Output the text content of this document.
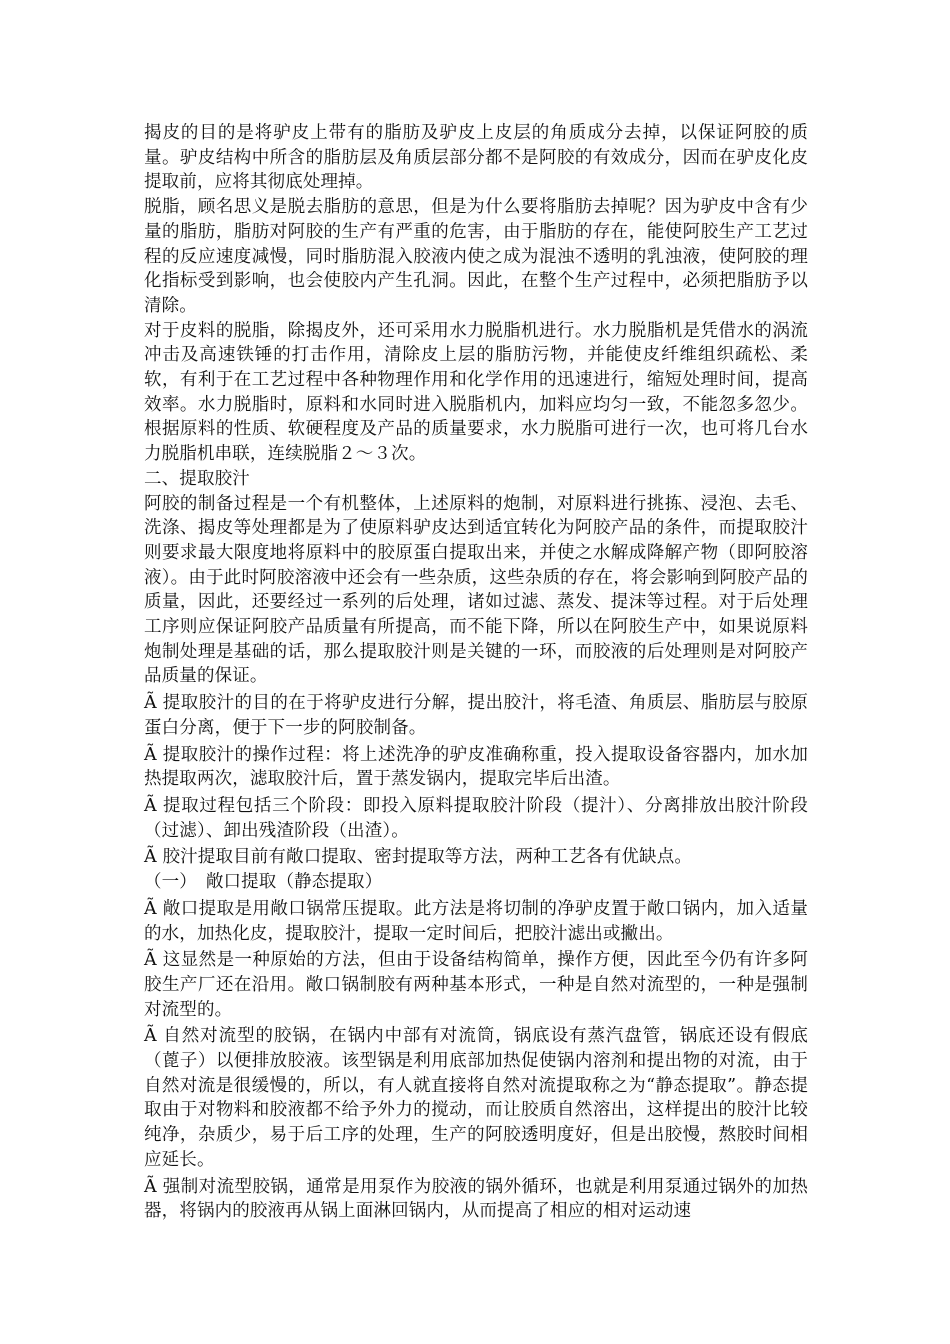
揭皮的目的是将驴皮上带有的脂肪及驴皮上皮层的角质成分去掉，以保证阿胶的质量。驴皮结构中所含的脂肪层及角质层部分都不是阿胶的有效成分，因而在驴皮化皮提取前，应将其彻底处理掉。

脱脂，顾名思义是脱去脂肪的意思，但是为什么要将脂肪去掉呢？因为驴皮中含有少量的脂肪，脂肪对阿胶的生产有严重的危害，由于脂肪的存在，能使阿胶生产工艺过程的反应速度减慢，同时脂肪混入胶液内使之成为混浊不透明的乳浊液，使阿胶的理化指标受到影响，也会使胶内产生孔洞。因此，在整个生产过程中，必须把脂肪予以清除。

对于皮料的脱脂，除揭皮外，还可采用水力脱脂机进行。水力脱脂机是凭借水的涡流冲击及高速铁锤的打击作用，清除皮上层的脂肪污物，并能使皮纤维组织疏松、柔软，有利于在工艺过程中各种物理作用和化学作用的迅速进行，缩短处理时间，提高效率。水力脱脂时，原料和水同时进入脱脂机内，加料应均匀一致，不能忽多忽少。根据原料的性质、软硬程度及产品的质量要求，水力脱脂可进行一次，也可将几台水力脱脂机串联，连续脱脂２～３次。

二、提取胶汁

阿胶的制备过程是一个有机整体，上述原料的炮制，对原料进行挑拣、浸泡、去毛、洗涤、揭皮等处理都是为了使原料驴皮达到适宜转化为阿胶产品的条件，而提取胶汁则要求最大限度地将原料中的胶原蛋白提取出来，并使之水解成降解产物（即阿胶溶液）。由于此时阿胶溶液中还会有一些杂质，这些杂质的存在，将会影响到阿胶产品的质量，因此，还要经过一系列的后处理，诸如过滤、蒸发、提沫等过程。对于后处理工序则应保证阿胶产品质量有所提高，而不能下降，所以在阿胶生产中，如果说原料炮制处理是基础的话，那么提取胶汁则是关键的一环，而胶液的后处理则是对阿胶产品质量的保证。

Ã 提取胶汁的目的在于将驴皮进行分解，提出胶汁，将毛渣、角质层、脂肪层与胶原蛋白分离，便于下一步的阿胶制备。

Ã 提取胶汁的操作过程：将上述洗净的驴皮准确称重，投入提取设备容器内，加水加热提取两次，滤取胶汁后，置于蒸发锅内，提取完毕后出渣。

Ã 提取过程包括三个阶段：即投入原料提取胶汁阶段（提汁）、分离排放出胶汁阶段（过滤）、卸出残渣阶段（出渣）。

Ã 胶汁提取目前有敞口提取、密封提取等方法，两种工艺各有优缺点。

（一）　敞口提取（静态提取）

Ã 敞口提取是用敞口锅常压提取。此方法是将切制的净驴皮置于敞口锅内，加入适量的水，加热化皮，提取胶汁，提取一定时间后，把胶汁滤出或撇出。

Ã 这显然是一种原始的方法，但由于设备结构简单，操作方便，因此至今仍有许多阿胶生产厂还在沿用。敞口锅制胶有两种基本形式，一种是自然对流型的，一种是强制对流型的。

Ã 自然对流型的胶锅，在锅内中部有对流筒，锅底设有蒸汽盘管，锅底还设有假底（蓖子）以便排放胶液。该型锅是利用底部加热促使锅内溶剂和提出物的对流，由于自然对流是很缓慢的，所以，有人就直接将自然对流提取称之为“静态提取”。静态提取由于对物料和胶液都不给予外力的搅动，而让胶质自然溶出，这样提出的胶汁比较纯净，杂质少，易于后工序的处理，生产的阿胶透明度好，但是出胶慢，熬胶时间相应延长。

Ã 强制对流型胶锅，通常是用泵作为胶液的锅外循环，也就是利用泵通过锅外的加热器，将锅内的胶液再从锅上面淋回锅内，从而提高了相应的相对运动速
